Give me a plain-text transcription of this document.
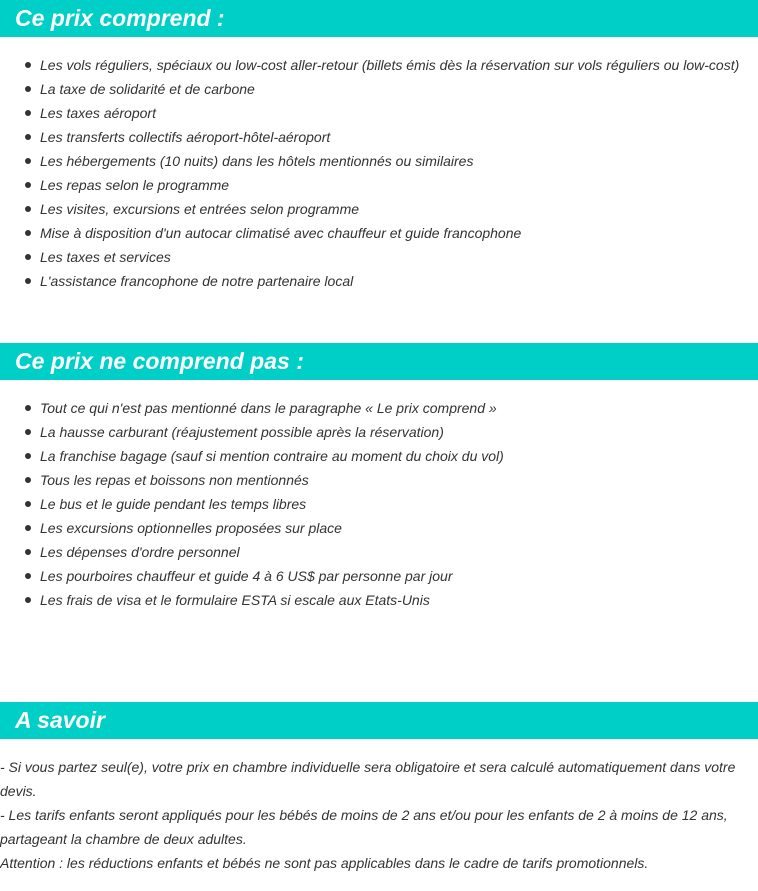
Ce prix comprend :
Les vols réguliers, spéciaux ou low-cost aller-retour (billets émis dès la réservation sur vols réguliers ou low-cost)
La taxe de solidarité et de carbone
Les taxes aéroport
Les transferts collectifs aéroport-hôtel-aéroport
Les hébergements (10 nuits) dans les hôtels mentionnés ou similaires
Les repas selon le programme
Les visites, excursions et entrées selon programme
Mise à disposition d'un autocar climatisé avec chauffeur et guide francophone
Les taxes et services
L'assistance francophone de notre partenaire local
Ce prix ne comprend pas :
Tout ce qui n'est pas mentionné dans le paragraphe « Le prix comprend »
La hausse carburant (réajustement possible après la réservation)
La franchise bagage (sauf si mention contraire au moment du choix du vol)
Tous les repas et boissons non mentionnés
Le bus et le guide pendant les temps libres
Les excursions optionnelles proposées sur place
Les dépenses d'ordre personnel
Les pourboires chauffeur et guide 4 à 6 US$ par personne par jour
Les frais de visa et le formulaire ESTA si escale aux Etats-Unis
A savoir

- Si vous partez seul(e), votre prix en chambre individuelle sera obligatoire et sera calculé automatiquement dans votre devis.

- Les tarifs enfants seront appliqués pour les bébés de moins de 2 ans et/ou pour les enfants de 2 à moins de 12 ans, partageant la chambre de deux adultes.

Attention : les réductions enfants et bébés ne sont pas applicables dans le cadre de tarifs promotionnels.
